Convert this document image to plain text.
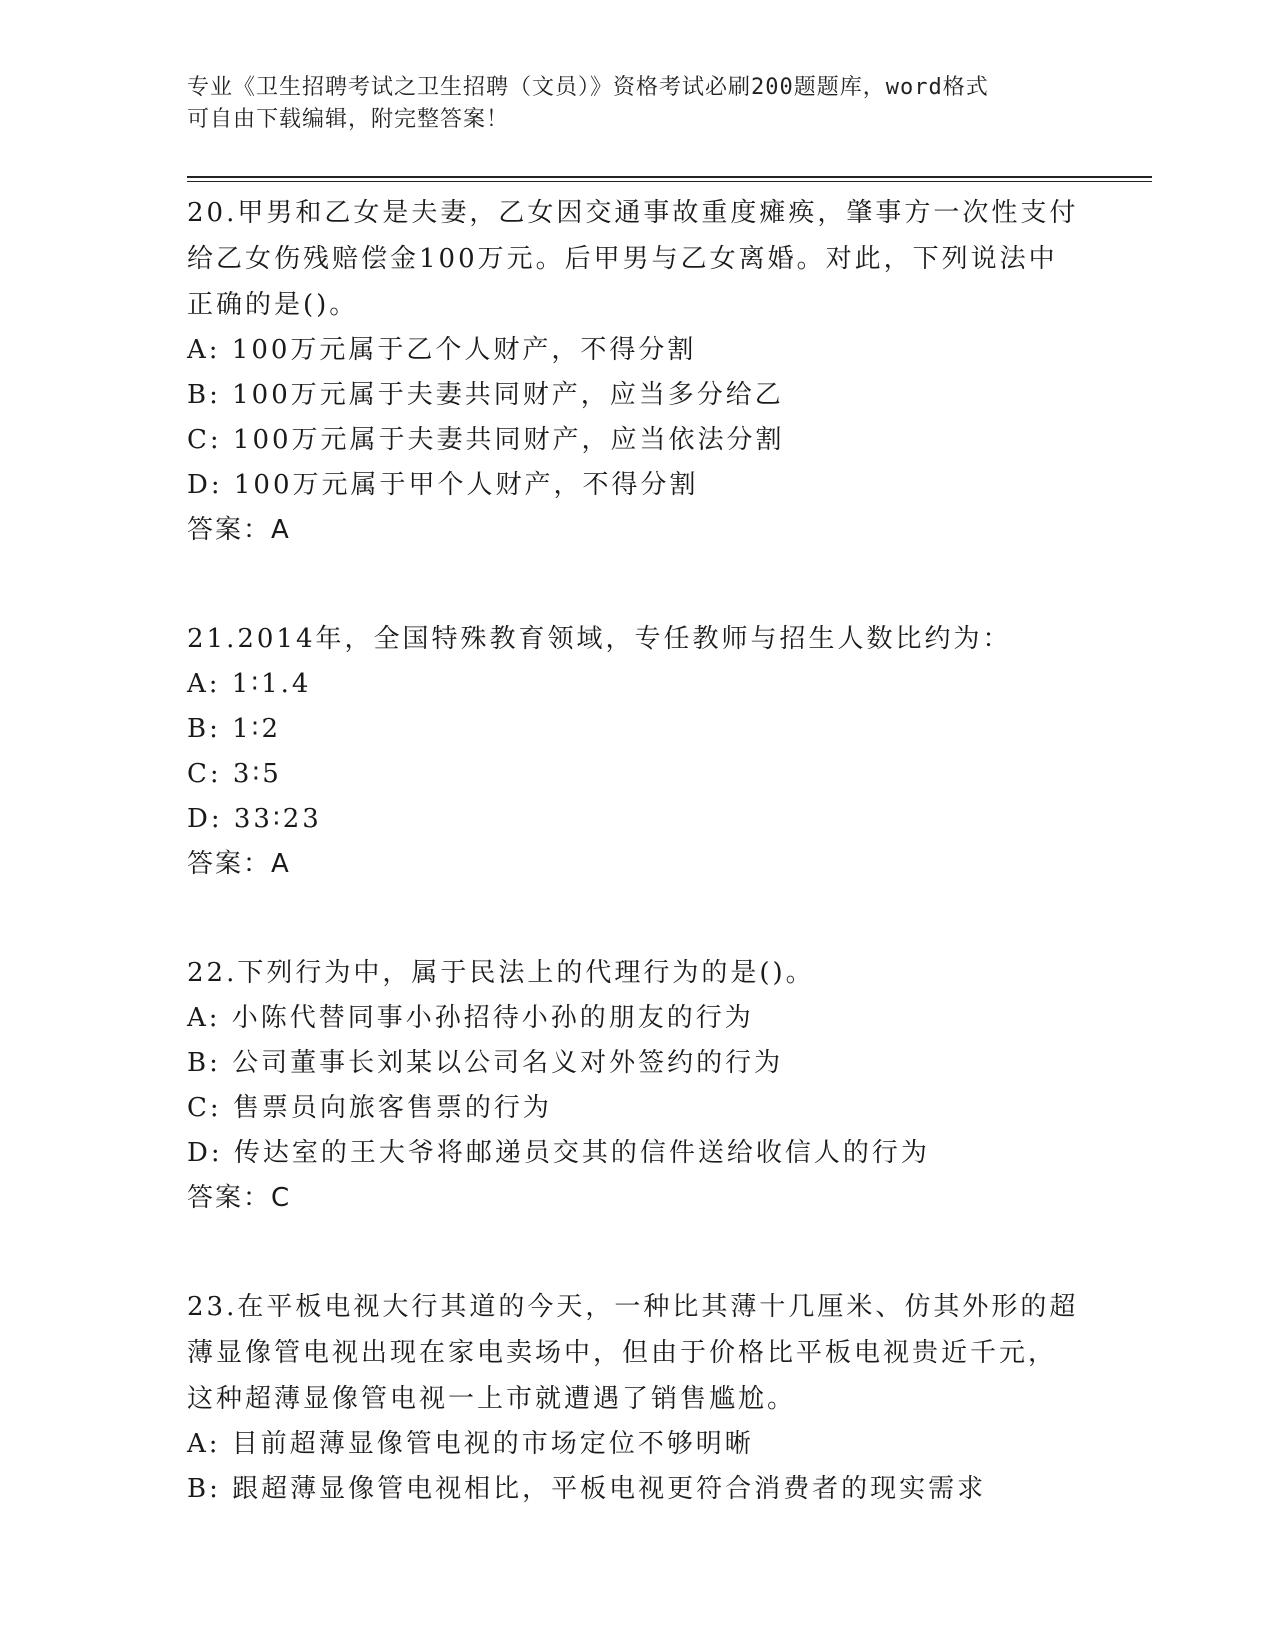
专业《卫生招聘考试之卫生招聘（文员）》资格考试必刷200题题库，word格式
可自由下载编辑，附完整答案！

20.甲男和乙女是夫妻，乙女因交通事故重度瘫痪，肇事方一次性支付

给乙女伤残赔偿金100万元。后甲男与乙女离婚。对此，下列说法中

正确的是()。

A: 100万元属于乙个人财产，不得分割

B: 100万元属于夫妻共同财产，应当多分给乙

C: 100万元属于夫妻共同财产，应当依法分割

D: 100万元属于甲个人财产，不得分割

答案：A

21.2014年，全国特殊教育领域，专任教师与招生人数比约为：

A: 1∶1.4

B: 1∶2

C: 3∶5

D: 33∶23

答案：A

22.下列行为中，属于民法上的代理行为的是()。

A: 小陈代替同事小孙招待小孙的朋友的行为

B: 公司董事长刘某以公司名义对外签约的行为

C: 售票员向旅客售票的行为

D: 传达室的王大爷将邮递员交其的信件送给收信人的行为

答案：C

23.在平板电视大行其道的今天，一种比其薄十几厘米、仿其外形的超

薄显像管电视出现在家电卖场中，但由于价格比平板电视贵近千元，

这种超薄显像管电视一上市就遭遇了销售尴尬。

A: 目前超薄显像管电视的市场定位不够明晰

B: 跟超薄显像管电视相比，平板电视更符合消费者的现实需求
